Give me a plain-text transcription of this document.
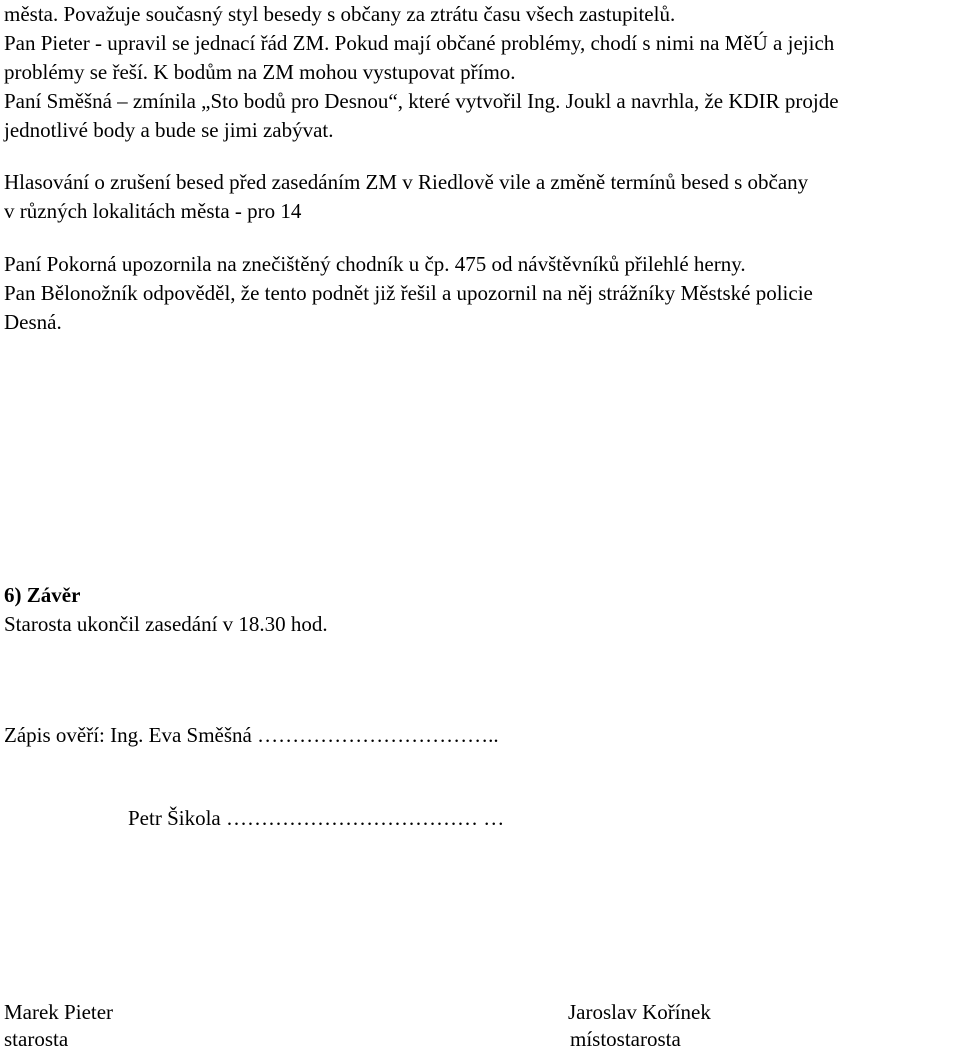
města. Považuje současný styl besedy s občany za ztrátu času všech zastupitelů.
Pan Pieter - upravil se jednací řád ZM. Pokud mají občané problémy, chodí s nimi na MěÚ a jejich
problémy se řeší. K bodům na ZM mohou vystupovat přímo.
Paní Směšná – zmínila „Sto bodů pro Desnou“, které vytvořil Ing. Joukl a navrhla, že KDIR projde
jednotlivé body a bude se jimi zabývat.
Hlasování o zrušení besed před zasedáním ZM v Riedlově vile a změně termínů besed s občany
v různých lokalitách města - pro 14
Paní Pokorná upozornila na znečištěný chodník u čp. 475 od návštěvníků přilehlé herny.
Pan Bělonožník odpověděl, že tento podnět již řešil a upozornil na něj strážníky Městské policie
Desná.
6) Závěr
Starosta ukončil zasedání v 18.30 hod.
Zápis ověří: Ing. Eva Směšná ……………………………..
Petr Šikola ……………………………… …
Marek Pieter
starosta
Jaroslav Kořínek
místostarosta
